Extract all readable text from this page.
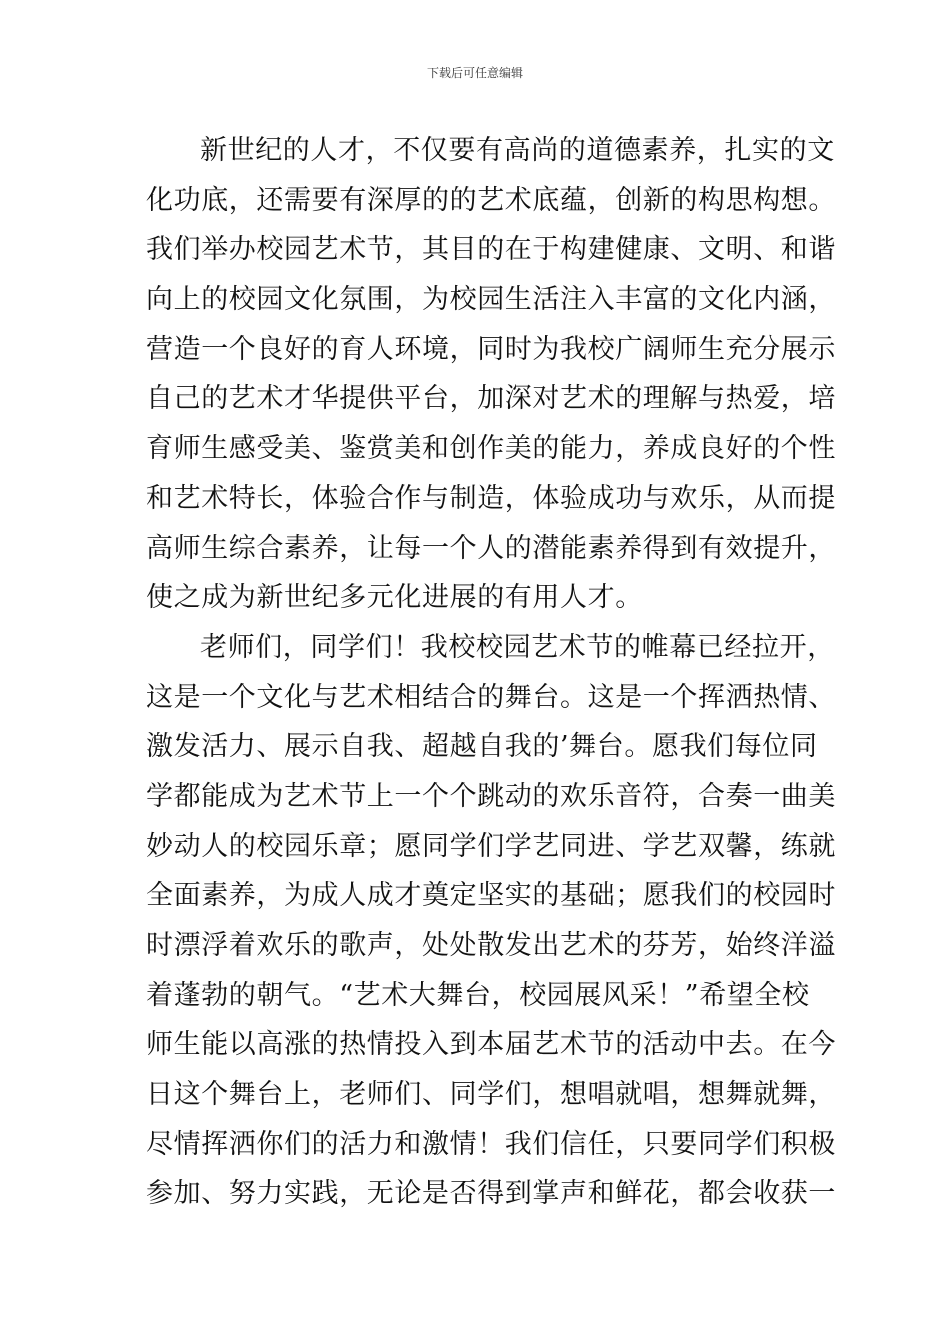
下载后可任意编辑
新世纪的人才，不仅要有高尚的道德素养，扎实的文
化功底，还需要有深厚的的艺术底蕴，创新的构思构想。
我们举办校园艺术节，其目的在于构建健康、文明、和谐
向上的校园文化氛围，为校园生活注入丰富的文化内涵，
营造一个良好的育人环境，同时为我校广阔师生充分展示
自己的艺术才华提供平台，加深对艺术的理解与热爱，培
育师生感受美、鉴赏美和创作美的能力，养成良好的个性
和艺术特长，体验合作与制造，体验成功与欢乐，从而提
高师生综合素养，让每一个人的潜能素养得到有效提升，
使之成为新世纪多元化进展的有用人才。
老师们，同学们！我校校园艺术节的帷幕已经拉开，
这是一个文化与艺术相结合的舞台。这是一个挥洒热情、
激发活力、展示自我、超越自我的’舞台。愿我们每位同
学都能成为艺术节上一个个跳动的欢乐音符，合奏一曲美
妙动人的校园乐章；愿同学们学艺同进、学艺双馨，练就
全面素养，为成人成才奠定坚实的基础；愿我们的校园时
时漂浮着欢乐的歌声，处处散发出艺术的芬芳，始终洋溢
着蓬勃的朝气。“艺术大舞台，校园展风采！”希望全校
师生能以高涨的热情投入到本届艺术节的活动中去。在今
日这个舞台上，老师们、同学们，想唱就唱，想舞就舞，
尽情挥洒你们的活力和激情！我们信任，只要同学们积极
参加、努力实践，无论是否得到掌声和鲜花，都会收获一
